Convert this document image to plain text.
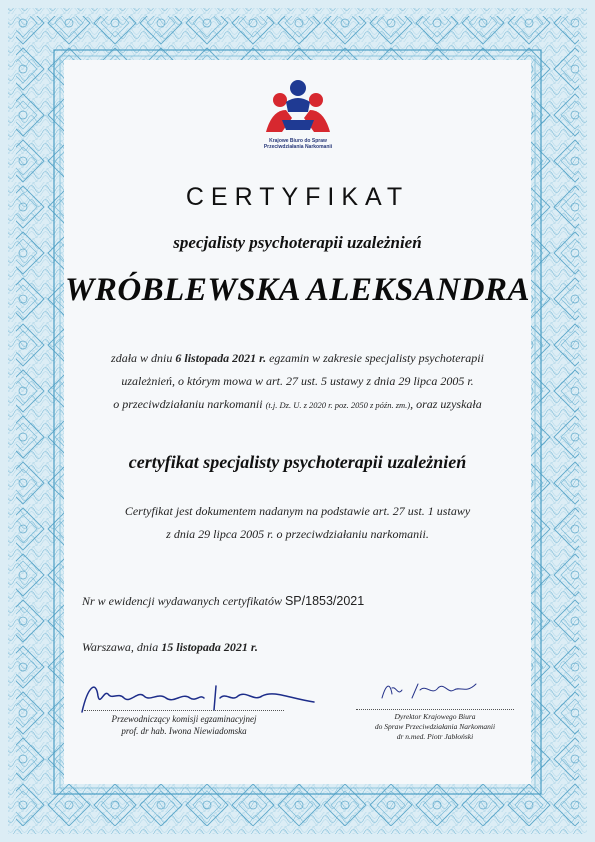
Krajowe Biuro do Spraw
Przeciwdziałania Narkomanii
CERTYFIKAT
specjalisty psychoterapii uzależnień
WRÓBLEWSKA ALEKSANDRA
zdała w dniu 6 listopada 2021 r. egzamin w zakresie specjalisty psychoterapii
uzależnień, o którym mowa w art. 27 ust. 5 ustawy z dnia 29 lipca 2005 r.
o przeciwdziałaniu narkomanii (t.j. Dz. U. z 2020 r. poz. 2050 z późn. zm.), oraz uzyskała
certyfikat specjalisty psychoterapii uzależnień
Certyfikat jest dokumentem nadanym na podstawie art. 27 ust. 1 ustawy
z dnia 29 lipca 2005 r. o przeciwdziałaniu narkomanii.
Nr w ewidencji wydawanych certyfikatów SP/1853/2021
Warszawa, dnia 15 listopada 2021 r.
Przewodniczący komisji egzaminacyjnej
prof. dr hab. Iwona Niewiadomska
Dyrektor Krajowego Biura
do Spraw Przeciwdziałania Narkomanii
dr n.med. Piotr Jabłoński
